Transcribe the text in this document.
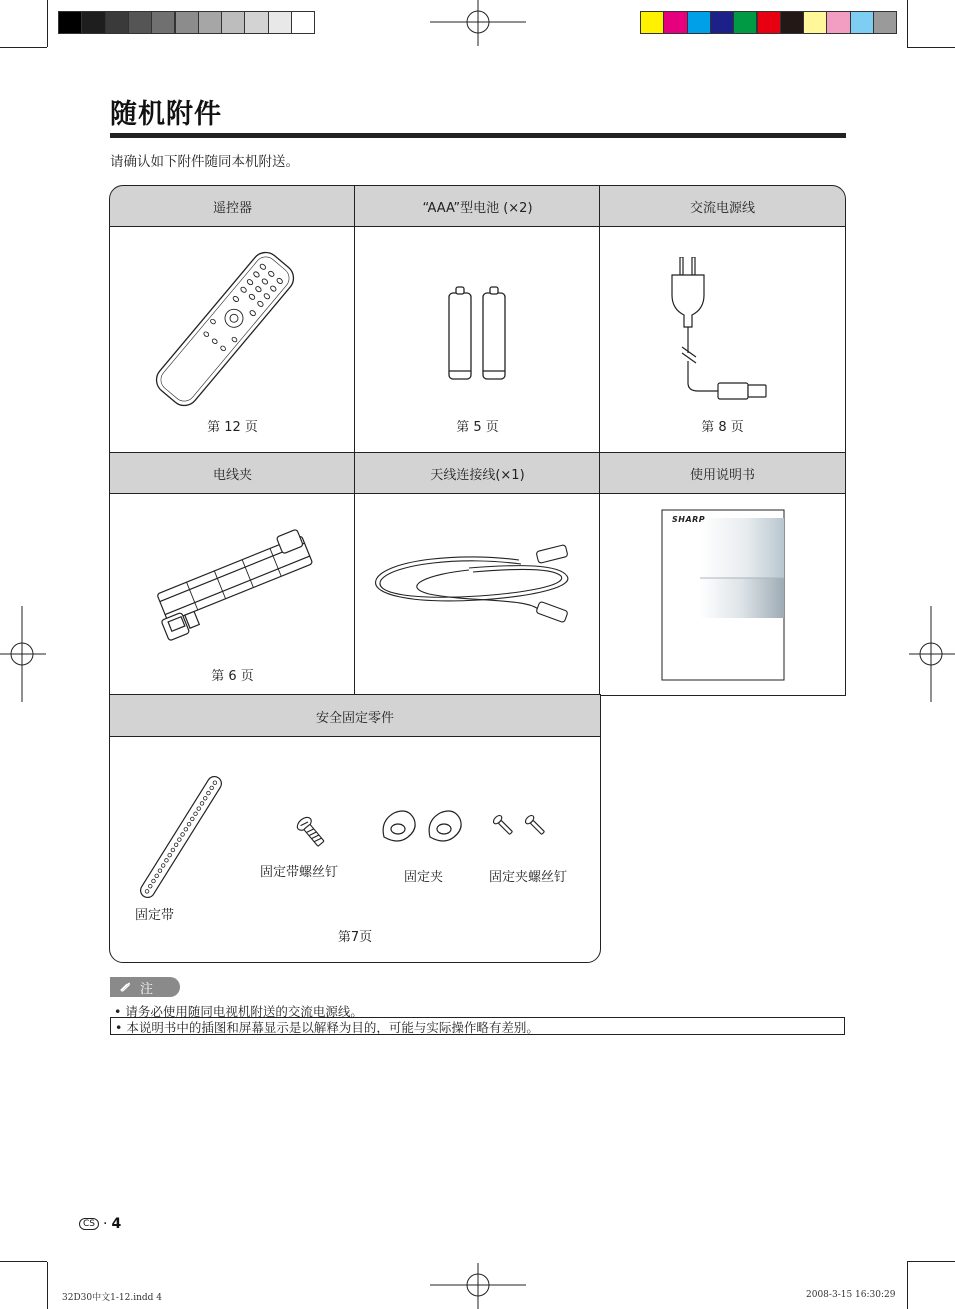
随机附件
请确认如下附件随同本机附送。
遥控器	“AAA”型电池 (×2)	交流电源线
第 12 页	第 5 页	第 8 页
电线夹	天线连接线(×1)	使用说明书
第 6 页
SHARP
安全固定零件
固定带螺丝钉	固定夹	固定夹螺丝钉
固定带
第7页
注
• 请务必使用随同电视机附送的交流电源线。
• 本说明书中的插图和屏幕显示是以解释为目的，可能与实际操作略有差别。
CS · 4
32D30中文1-12.indd 4	2008-3-15 16:30:29
